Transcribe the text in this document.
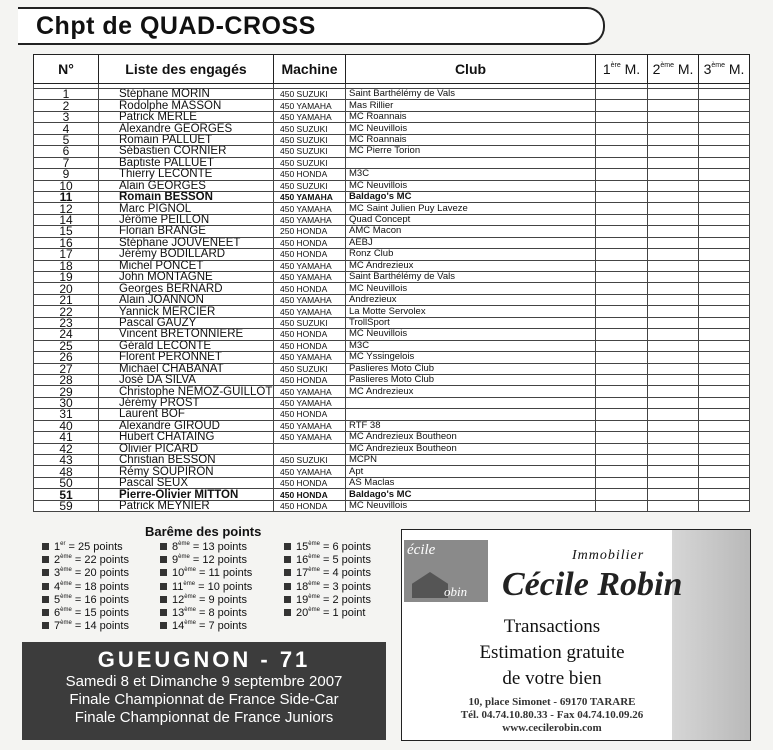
Chpt de QUAD-CROSS
N°	Liste des engagés	Machine	Club	1ère M.	2ème M.	3ème M.

1	Stéphane MORIN	450 SUZUKI	Saint Barthélémy de Vals			
2	Rodolphe MASSON	450 YAMAHA	Mas Rillier			
3	Patrick MERLE	450 YAMAHA	MC Roannais			
4	Alexandre GEORGES	450 SUZUKI	MC Neuvillois			
5	Romain PALLUET	450 SUZUKI	MC Roannais			
6	Sébastien CORNIER	450 SUZUKI	MC Pierre Torion			
7	Baptiste PALLUET	450 SUZUKI				
9	Thierry LECONTE	450 HONDA	M3C			
10	Alain GEORGES	450 SUZUKI	MC Neuvillois			
11	Romain BESSON	450 YAMAHA	Baldago's MC			
12	Marc PIGNOL	450 YAMAHA	MC Saint Julien Puy Laveze			
14	Jérôme PEILLON	450 YAMAHA	Quad Concept			
15	Florian BRANGE	250 HONDA	AMC Macon			
16	Stéphane JOUVENEET	450 HONDA	AEBJ			
17	Jérémy BODILLARD	450 HONDA	Ronz Club			
18	Michel PONCET	450 YAMAHA	MC Andrezieux			
19	John MONTAGNE	450 YAMAHA	Saint Barthélémy de Vals			
20	Georges BERNARD	450 HONDA	MC Neuvillois			
21	Alain JOANNON	450 YAMAHA	Andrezieux			
22	Yannick MERCIER	450 YAMAHA	La Motte Servolex			
23	Pascal GAUZY	450 SUZUKI	TrollSport			
24	Vincent BRETONNIERE	450 HONDA	MC Neuvillois			
25	Gérald LECONTE	450 HONDA	M3C			
26	Florent PERONNET	450 YAMAHA	MC Yssingelois			
27	Michael CHABANAT	450 SUZUKI	Paslieres Moto Club			
28	José DA SILVA	450 HONDA	Paslieres Moto Club			
29	Christophe NEMOZ-GUILLOT	450 YAMAHA	MC Andrezieux			
30	Jérémy PROST	450 YAMAHA				
31	Laurent BOF	450 HONDA				
40	Alexandre GIROUD	450 YAMAHA	RTF 38			
41	Hubert CHATAING	450 YAMAHA	MC Andrezieux Boutheon			
42	Olivier PICARD		MC Andrezieux Boutheon			
43	Christian BESSON	450 SUZUKI	MCPN			
48	Rémy SOUPIRON	450 YAMAHA	Apt			
50	Pascal SEUX	450 HONDA	AS Maclas			
51	Pierre-Olivier MITTON	450 HONDA	Baldago's MC			
59	Patrick MEYNIER	450 HONDA	MC Neuvillois			
Barême des points
1er = 25 points
2ème = 22 points
3ème = 20 points
4ème = 18 points
5ème = 16 points
6ème = 15 points
7ème = 14 points
8ème = 13 points
9ème = 12 points
10ème = 11 points
11ème = 10 points
12ème = 9 points
13ème = 8 points
14ème = 7 points
15ème = 6 points
16ème = 5 points
17ème = 4 points
18ème = 3 points
19ème = 2 points
20ème = 1 point
GUEUGNON - 71
Samedi 8 et Dimanche 9 septembre 2007
Finale Championnat de France Side-Car
Finale Championnat de France Juniors
écile
obin
Immobilier
Cécile Robin
Transactions
Estimation gratuite
de votre bien
10, place Simonet - 69170 TARARE
Tél. 04.74.10.80.33 - Fax 04.74.10.09.26
www.cecilerobin.com
